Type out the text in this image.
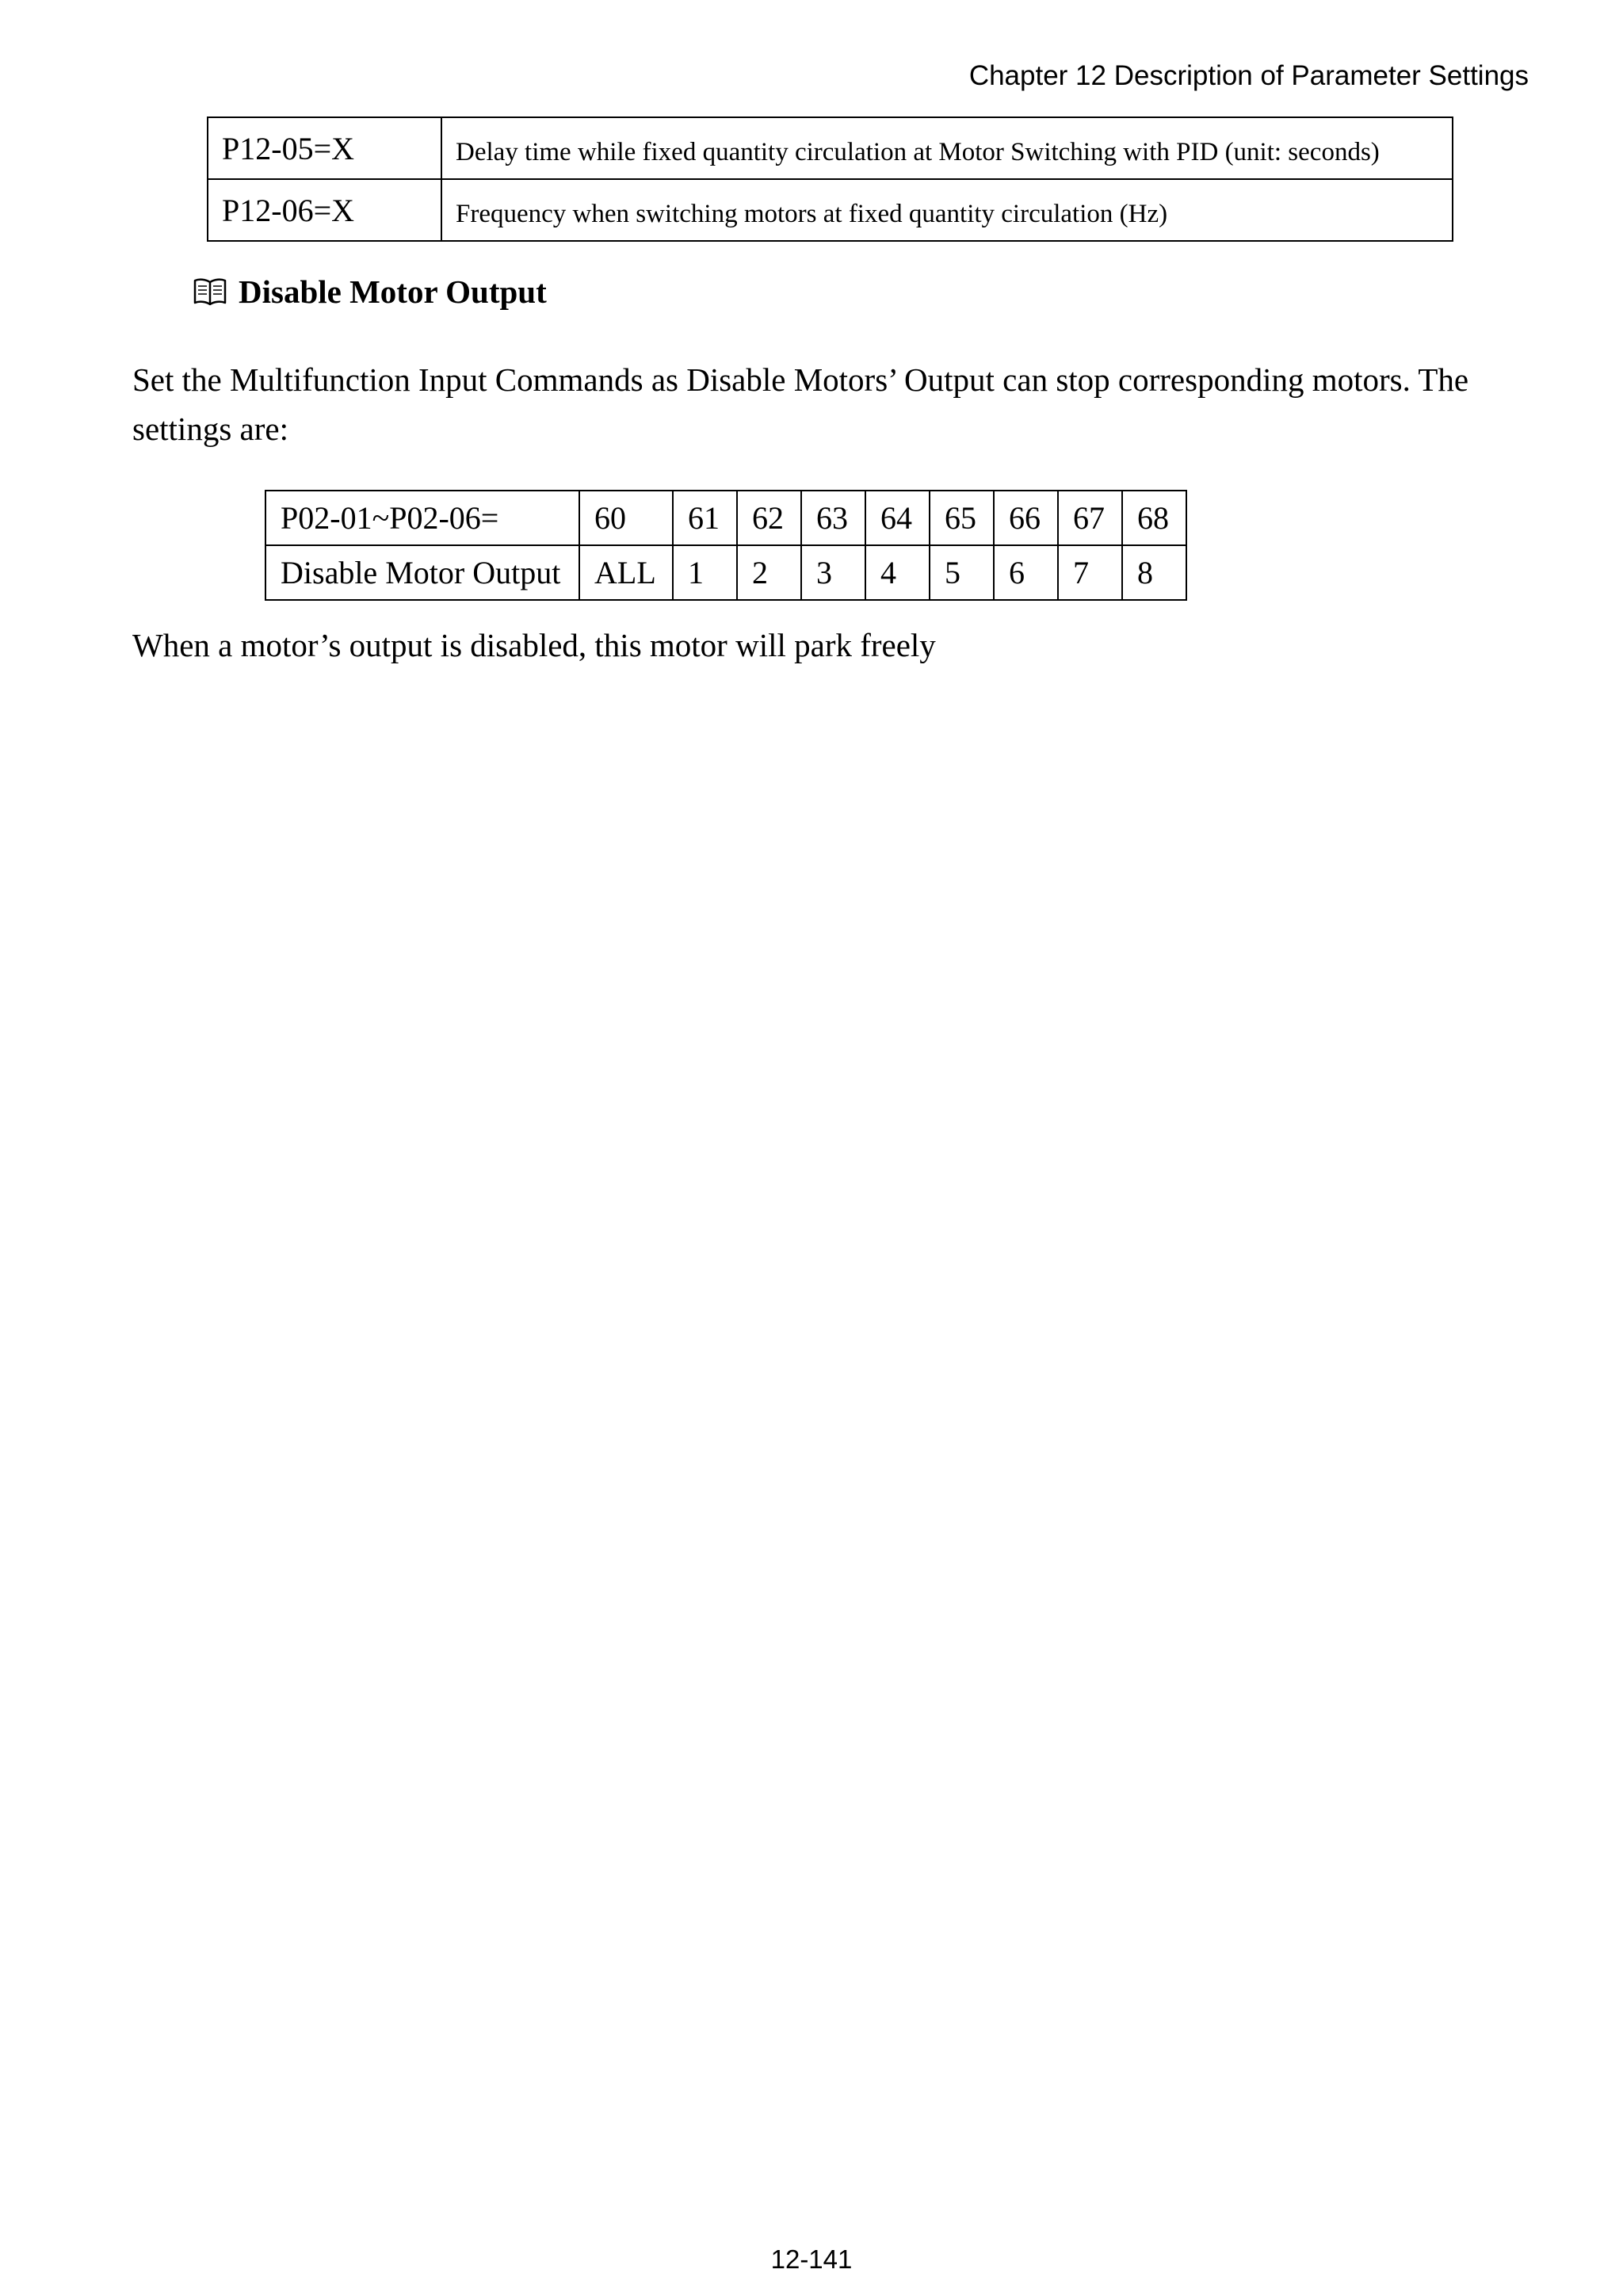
Chapter 12 Description of Parameter Settings
P12-05=X	Delay time while fixed quantity circulation at Motor Switching with PID (unit: seconds)
P12-06=X	Frequency when switching motors at fixed quantity circulation (Hz)
Disable Motor Output

Set the Multifunction Input Commands as Disable Motors’ Output can stop corresponding motors. The settings are:

P02-01~P02-06=	60	61	62	63	64	65	66	67	68
Disable Motor Output	ALL	1	2	3	4	5	6	7	8

When a motor’s output is disabled, this motor will park freely

12-141
